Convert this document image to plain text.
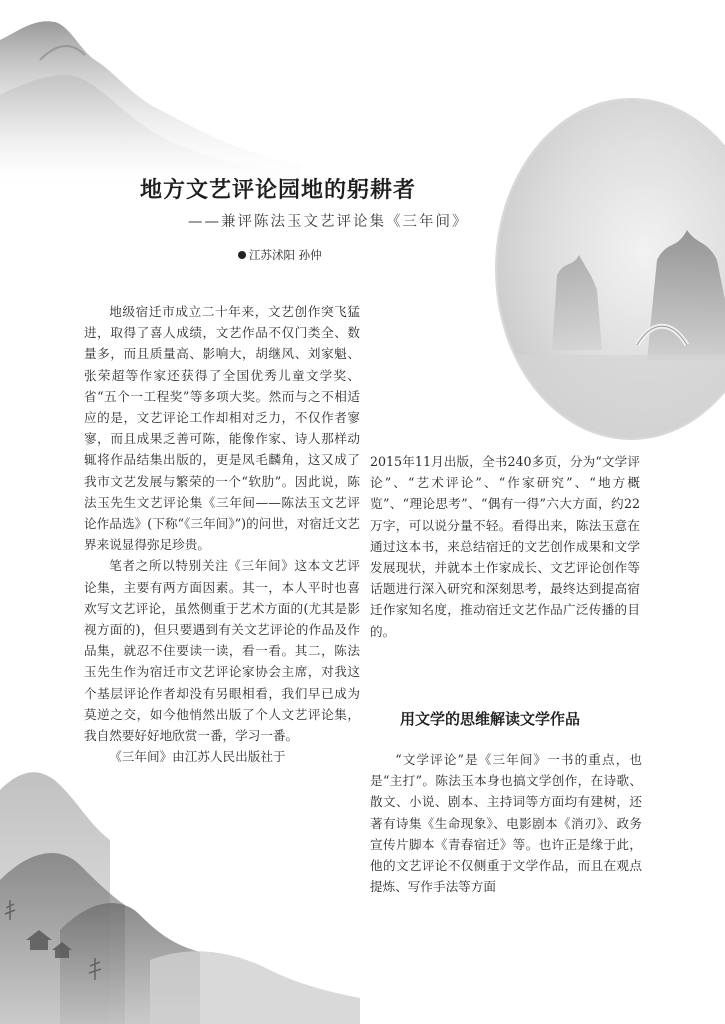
地方文艺评论园地的躬耕者
——兼评陈法玉文艺评论集《三年间》
江苏沭阳 孙仲

地级宿迁市成立二十年来，文艺创作突飞猛进，取得了喜人成绩，文艺作品不仅门类全、数量多，而且质量高、影响大，胡继风、刘家魁、张荣超等作家还获得了全国优秀儿童文学奖、省“五个一工程奖”等多项大奖。然而与之不相适应的是，文艺评论工作却相对乏力，不仅作者寥寥，而且成果乏善可陈，能像作家、诗人那样动辄将作品结集出版的，更是凤毛麟角，这又成了我市文艺发展与繁荣的一个“软肋”。因此说，陈法玉先生文艺评论集《三年间——陈法玉文艺评论作品选》(下称“《三年间》”)的问世，对宿迁文艺界来说显得弥足珍贵。

笔者之所以特别关注《三年间》这本文艺评论集，主要有两方面因素。其一，本人平时也喜欢写文艺评论，虽然侧重于艺术方面的(尤其是影视方面的)，但只要遇到有关文艺评论的作品及作品集，就忍不住要读一读，看一看。其二，陈法玉先生作为宿迁市文艺评论家协会主席，对我这个基层评论作者却没有另眼相看，我们早已成为莫逆之交，如今他悄然出版了个人文艺评论集，我自然要好好地欣赏一番，学习一番。

《三年间》由江苏人民出版社于

2015年11月出版，全书240多页，分为“文学评论”、“艺术评论”、“作家研究”、“地方概览”、“理论思考”、“偶有一得”六大方面，约22万字，可以说分量不轻。看得出来，陈法玉意在通过这本书，来总结宿迁的文艺创作成果和文学发展现状，并就本土作家成长、文艺评论创作等话题进行深入研究和深刻思考，最终达到提高宿迁作家知名度，推动宿迁文艺作品广泛传播的目的。

用文学的思维解读文学作品

“文学评论”是《三年间》一书的重点，也是“主打”。陈法玉本身也搞文学创作，在诗歌、散文、小说、剧本、主持词等方面均有建树，还著有诗集《生命现象》、电影剧本《消刃》、政务宣传片脚本《青春宿迁》等。也许正是缘于此，他的文艺评论不仅侧重于文学作品，而且在观点提炼、写作手法等方面
